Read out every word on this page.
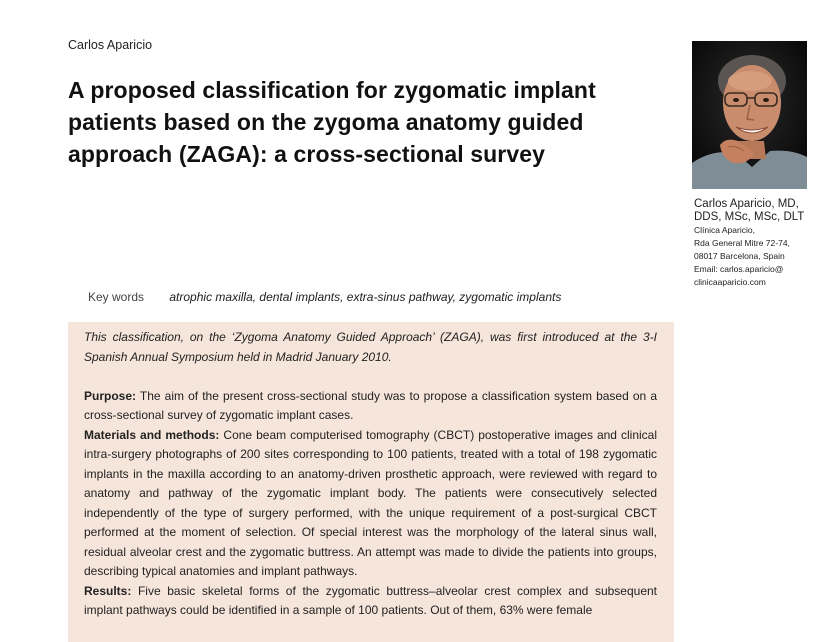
Carlos Aparicio
A proposed classification for zygomatic implant patients based on the zygoma anatomy guided approach (ZAGA): a cross-sectional survey
Carlos Aparicio, MD, DDS, MSc, MSc, DLT
Clínica Aparicio,
Rda General Mitre 72-74,
08017 Barcelona, Spain
Email: carlos.aparicio@
clinicaaparicio.com
Key words atrophic maxilla, dental implants, extra-sinus pathway, zygomatic implants

This classification, on the ‘Zygoma Anatomy Guided Approach’ (ZAGA), was first introduced at the 3-I Spanish Annual Symposium held in Madrid January 2010.

Purpose: The aim of the present cross-sectional study was to propose a classification system based on a cross-sectional survey of zygomatic implant cases.

Materials and methods: Cone beam computerised tomography (CBCT) postoperative images and clinical intra-surgery photographs of 200 sites corresponding to 100 patients, treated with a total of 198 zygomatic implants in the maxilla according to an anatomy-driven prosthetic approach, were reviewed with regard to anatomy and pathway of the zygomatic implant body. The patients were consecutively selected independently of the type of surgery performed, with the unique requirement of a post-surgical CBCT performed at the moment of selection. Of special interest was the morphology of the lateral sinus wall, residual alveolar crest and the zygomatic buttress. An attempt was made to divide the patients into groups, describing typical anatomies and implant pathways.

Results: Five basic skeletal forms of the zygomatic buttress–alveolar crest complex and subsequent implant pathways could be identified in a sample of 100 patients. Out of them, 63% were female
